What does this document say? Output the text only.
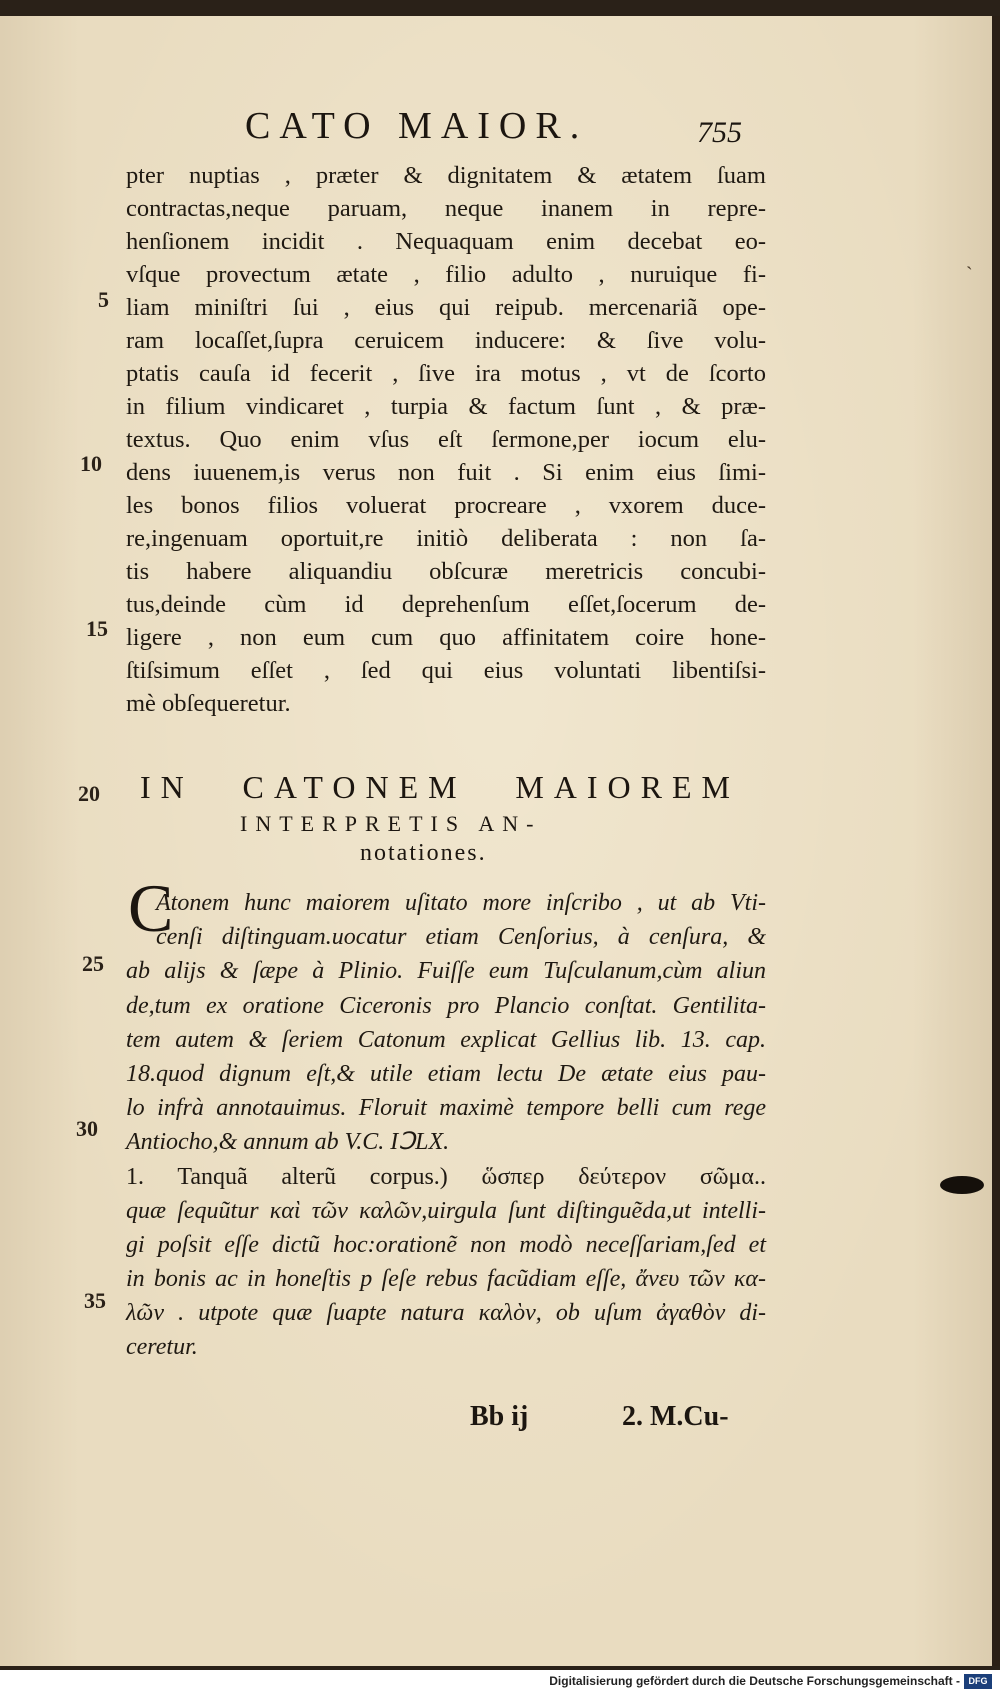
CATO MAIOR.	755
pter nuptias , præter & dignitatem & ætatem ſuam
contractas,neque paruam, neque inanem in repre-
henſionem incidit . Nequaquam enim decebat eo-
vſque provectum ætate , filio adulto , nuruique fi-
liam miniſtri ſui , eius qui reipub. mercenariã ope-
ram locaſſet,ſupra ceruicem inducere: & ſive volu-
ptatis cauſa id fecerit , ſive ira motus , vt de ſcorto
in filium vindicaret , turpia & factum ſunt , & præ-
textus. Quo enim vſus eſt ſermone,per iocum elu-
dens iuuenem,is verus non fuit . Si enim eius ſimi-
les bonos filios voluerat procreare , vxorem duce-
re,ingenuam oportuit,re initiò deliberata : non ſa-
tis habere aliquandiu obſcuræ meretricis concubi-
tus,deinde cùm id deprehenſum eſſet,ſocerum de-
ligere , non eum cum quo affinitatem coire hone-
ſtiſsimum eſſet , ſed qui eius voluntati libentiſsi-
mè obſequeretur.
5
10
15
IN CATONEM MAIOREM
INTERPRETIS AN-
notationes.
20
25
30
35
C
Atonem hunc maiorem uſitato more inſcribo , ut ab Vti-
cenſi diſtinguam.uocatur etiam Cenſorius, à cenſura, &
ab alijs & ſæpe à Plinio. Fuiſſe eum Tuſculanum,cùm aliun
de,tum ex oratione Ciceronis pro Plancio conſtat. Gentilita-
tem autem & ſeriem Catonum explicat Gellius lib. 13. cap.
18.quod dignum eſt,& utile etiam lectu De ætate eius pau-
lo infrà annotauimus. Floruit maximè tempore belli cum rege
Antiocho,& annum ab V.C. IↃLX.
1. Tanquã alterũ corpus.) ὥσπερ δεύτερον σῶμα..
quæ ſequũtur καὶ τῶν καλῶν,uirgula ſunt diſtinguẽda,ut intelli-
gi poſsit eſſe dictũ hoc:orationẽ non modò neceſſariam,ſed et
in bonis ac in honeſtis p ſeſe rebus facũdiam eſſe, ἄνευ τῶν κα-
λῶν . utpote quæ ſuapte natura καλὸν, ob uſum ἀγαθὸν di-
ceretur.
Bb ij	2. M.Cu-
ˎ
Digitalisierung gefördert durch die Deutsche Forschungsgemeinschaft - DFG
